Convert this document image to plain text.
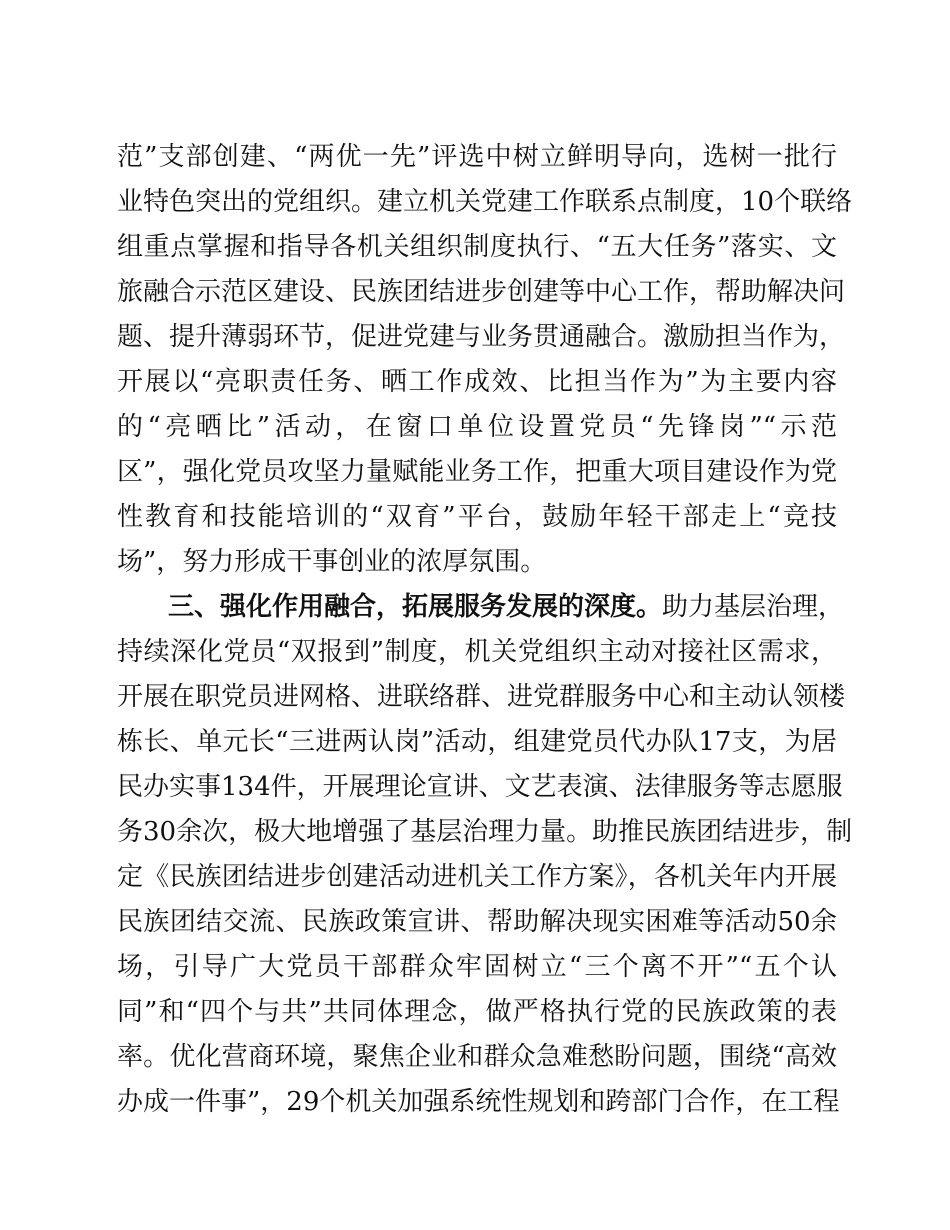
范”支部创建、“两优一先”评选中树立鲜明导向，选树一批行
业特色突出的党组织。建立机关党建工作联系点制度，10个联络
组重点掌握和指导各机关组织制度执行、“五大任务”落实、文
旅融合示范区建设、民族团结进步创建等中心工作，帮助解决问
题、提升薄弱环节，促进党建与业务贯通融合。激励担当作为，
开展以“亮职责任务、晒工作成效、比担当作为”为主要内容
的“亮晒比”活动，在窗口单位设置党员“先锋岗”“示范
区”，强化党员攻坚力量赋能业务工作，把重大项目建设作为党
性教育和技能培训的“双育”平台，鼓励年轻干部走上“竞技
场”，努力形成干事创业的浓厚氛围。
三、强化作用融合，拓展服务发展的深度。助力基层治理，
持续深化党员“双报到”制度，机关党组织主动对接社区需求，
开展在职党员进网格、进联络群、进党群服务中心和主动认领楼
栋长、单元长“三进两认岗”活动，组建党员代办队17支，为居
民办实事134件，开展理论宣讲、文艺表演、法律服务等志愿服
务30余次，极大地增强了基层治理力量。助推民族团结进步，制
定《民族团结进步创建活动进机关工作方案》，各机关年内开展
民族团结交流、民族政策宣讲、帮助解决现实困难等活动50余
场，引导广大党员干部群众牢固树立“三个离不开”“五个认
同”和“四个与共”共同体理念，做严格执行党的民族政策的表
率。优化营商环境，聚焦企业和群众急难愁盼问题，围绕“高效
办成一件事”，29个机关加强系统性规划和跨部门合作，在工程
